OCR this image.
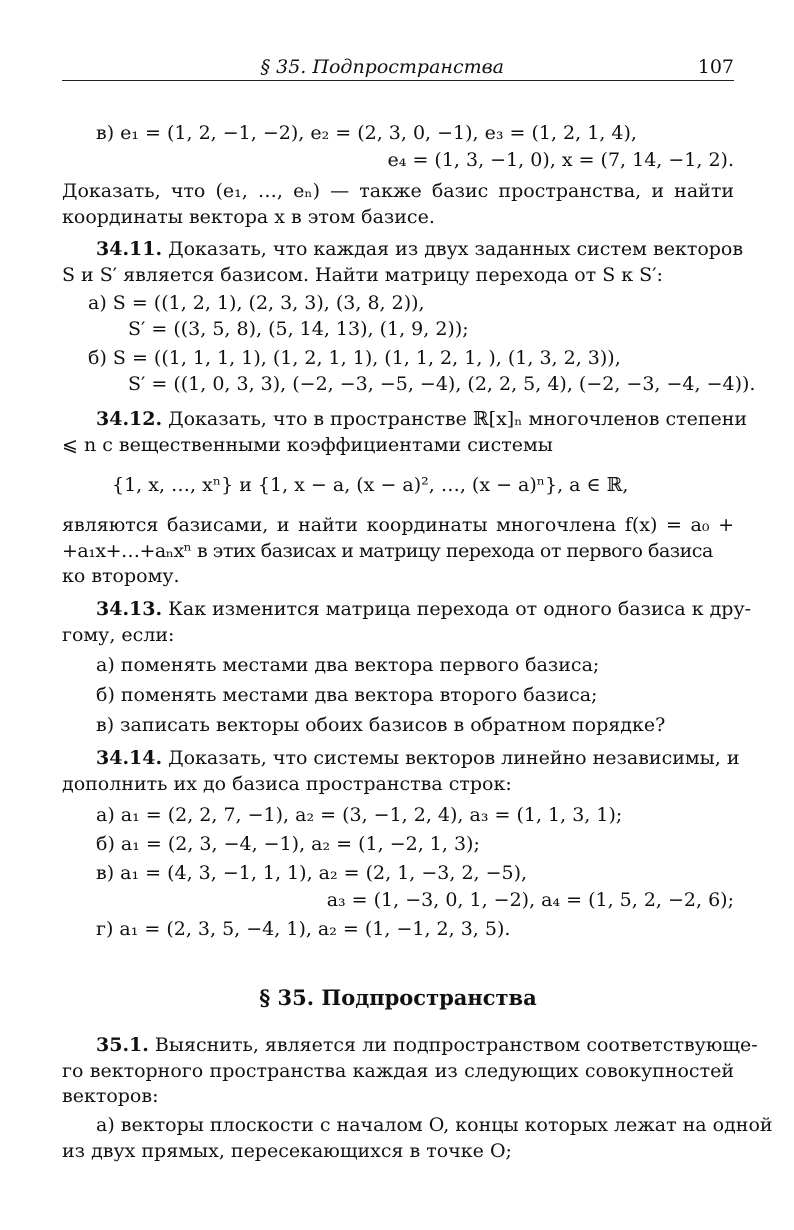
§ 35. Подпространства	107
в) e₁ = (1, 2, −1, −2), e₂ = (2, 3, 0, −1), e₃ = (1, 2, 1, 4),
e₄ = (1, 3, −1, 0), x = (7, 14, −1, 2).
Доказать, что (e₁, …, eₙ) — также базис пространства, и найти
координаты вектора x в этом базисе.
34.11. Доказать, что каждая из двух заданных систем векторов
S и S′ является базисом. Найти матрицу перехода от S к S′:
а) S = ((1, 2, 1), (2, 3, 3), (3, 8, 2)),
S′ = ((3, 5, 8), (5, 14, 13), (1, 9, 2));
б) S = ((1, 1, 1, 1), (1, 2, 1, 1), (1, 1, 2, 1, ), (1, 3, 2, 3)),
S′ = ((1, 0, 3, 3), (−2, −3, −5, −4), (2, 2, 5, 4), (−2, −3, −4, −4)).
34.12. Доказать, что в пространстве ℝ[x]ₙ многочленов степени
⩽ n с вещественными коэффициентами системы
{1, x, …, xⁿ} и {1, x − a, (x − a)², …, (x − a)ⁿ}, a ∈ ℝ,
являются базисами, и найти координаты многочлена f(x) = a₀ +
+a₁x+…+aₙxⁿ в этих базисах и матрицу перехода от первого базиса
ко второму.
34.13. Как изменится матрица перехода от одного базиса к дру-
гому, если:
а) поменять местами два вектора первого базиса;
б) поменять местами два вектора второго базиса;
в) записать векторы обоих базисов в обратном порядке?
34.14. Доказать, что системы векторов линейно независимы, и
дополнить их до базиса пространства строк:
а) a₁ = (2, 2, 7, −1), a₂ = (3, −1, 2, 4), a₃ = (1, 1, 3, 1);
б) a₁ = (2, 3, −4, −1), a₂ = (1, −2, 1, 3);
в) a₁ = (4, 3, −1, 1, 1), a₂ = (2, 1, −3, 2, −5),
a₃ = (1, −3, 0, 1, −2), a₄ = (1, 5, 2, −2, 6);
г) a₁ = (2, 3, 5, −4, 1), a₂ = (1, −1, 2, 3, 5).
§ 35. Подпространства
35.1. Выяснить, является ли подпространством соответствующе-
го векторного пространства каждая из следующих совокупностей
векторов:
а) векторы плоскости с началом O, концы которых лежат на одной
из двух прямых, пересекающихся в точке O;
